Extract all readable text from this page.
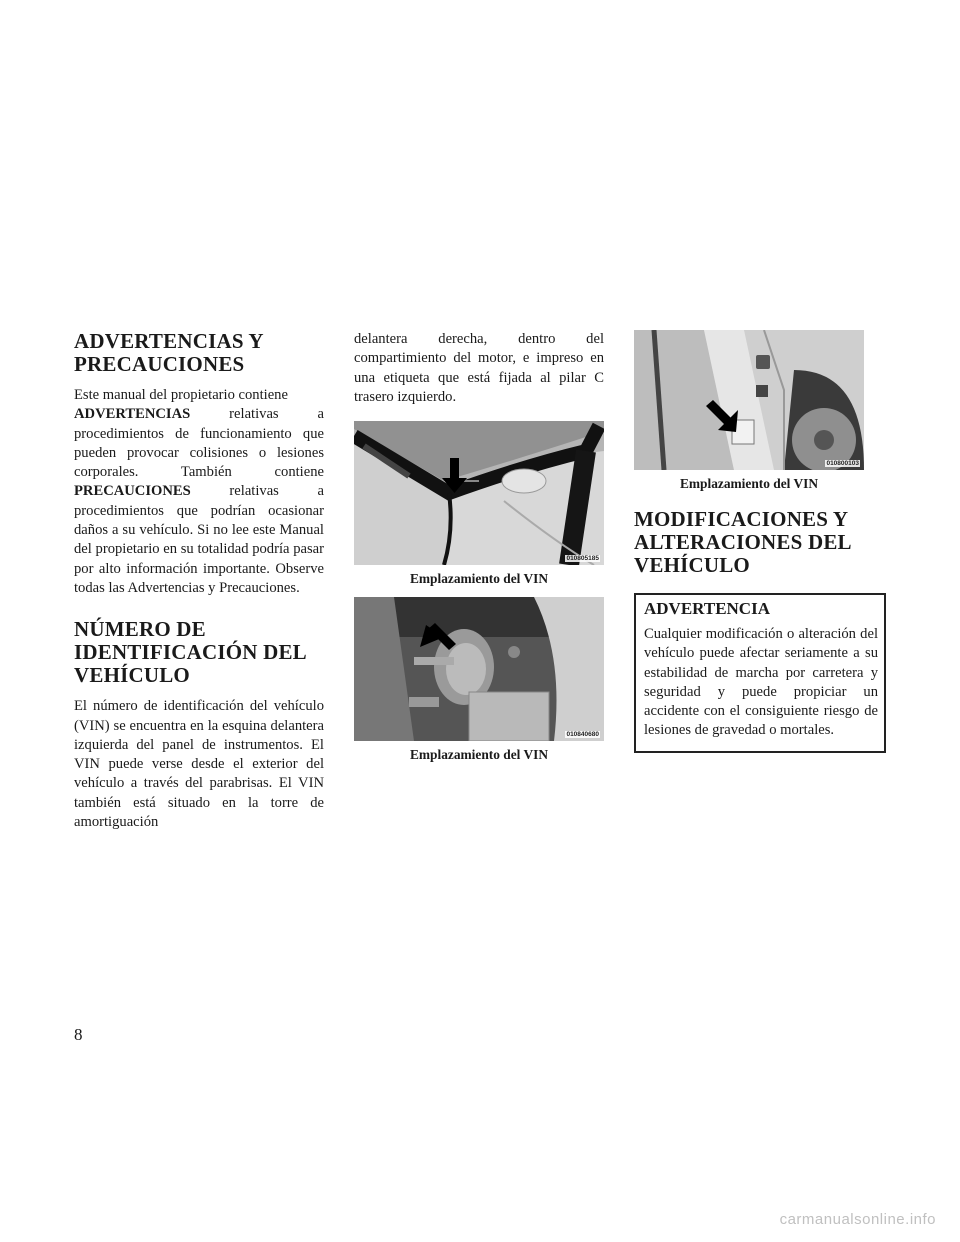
ADVERTENCIAS Y PRECAUCIONES

Este manual del propietario contiene
ADVERTENCIAS relativas a procedimientos de funcionamiento que pueden provocar colisiones o lesiones corporales. También contiene PRECAUCIONES relativas a procedimientos que podrían ocasionar daños a su vehículo. Si no lee este Manual del propietario en su totalidad podría pasar por alto información importante. Observe todas las Advertencias y Precauciones.

NÚMERO DE IDENTIFICACIÓN DEL VEHÍCULO

El número de identificación del vehículo (VIN) se encuentra en la esquina delantera izquierda del panel de instrumentos. El VIN puede verse desde el exterior del vehículo a través del parabrisas. El VIN también está situado en la torre de amortiguación

delantera derecha, dentro del compartimiento del motor, e impreso en una etiqueta que está fijada al pilar C trasero izquierdo.

010805185
Emplazamiento del VIN
010840680
Emplazamiento del VIN
010800103
Emplazamiento del VIN
MODIFICACIONES Y ALTERACIONES DEL VEHÍCULO
ADVERTENCIA

Cualquier modificación o alteración del vehículo puede afectar seriamente a su estabilidad de marcha por carretera y seguridad y puede propiciar un accidente con el consiguiente riesgo de lesiones de gravedad o mortales.

8
carmanualsonline.info
